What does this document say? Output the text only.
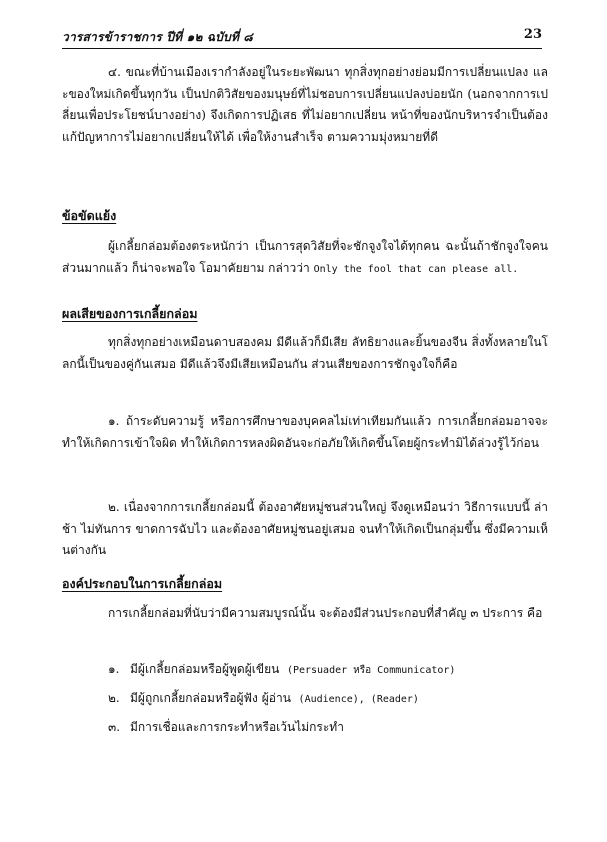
วารสารข้าราชการ ปีที่ ๑๒ ฉบับที่ ๘	23
๔. ขณะที่บ้านเมืองเรากำลังอยู่ในระยะพัฒนา ทุกสิ่งทุกอย่างย่อมมีการเปลี่ยนแปลง และของใหม่เกิดขึ้นทุกวัน เป็นปกติวิสัยของมนุษย์ที่ไม่ชอบการเปลี่ยนแปลงบ่อยนัก (นอกจากการเปลี่ยนเพื่อประโยชน์บางอย่าง) จึงเกิดการปฏิเสธ ที่ไม่อยากเปลี่ยน หน้าที่ของนักบริหารจำเป็นต้องแก้ปัญหาการไม่อยากเปลี่ยนให้ได้ เพื่อให้งานสำเร็จ ตามความมุ่งหมายที่ดี
ข้อขัดแย้ง
ผู้เกลี้ยกล่อมต้องตระหนักว่า เป็นการสุดวิสัยที่จะชักจูงใจได้ทุกคน ฉะนั้นถ้าชักจูงใจคนส่วนมากแล้ว ก็น่าจะพอใจ โอมาคัยยาม กล่าวว่า Only the fool that can please all.
ผลเสียของการเกลี้ยกล่อม
ทุกสิ่งทุกอย่างเหมือนดาบสองคม มีดีแล้วก็มีเสีย ลัทธิยางและยิ้นของจีน สิ่งทั้งหลายในโลกนี้เป็นของคู่กันเสมอ มีดีแล้วจึงมีเสียเหมือนกัน ส่วนเสียของการชักจูงใจก็คือ
๑. ถ้าระดับความรู้ หรือการศึกษาของบุคคลไม่เท่าเทียมกันแล้ว การเกลี้ยกล่อมอาจจะทำให้เกิดการเข้าใจผิด ทำให้เกิดการหลงผิดอันจะก่อภัยให้เกิดขึ้นโดยผู้กระทำมิได้ล่วงรู้ไว้ก่อน
๒. เนื่องจากการเกลี้ยกล่อมนี้ ต้องอาศัยหมู่ชนส่วนใหญ่ จึงดูเหมือนว่า วิธีการแบบนี้ ล่าช้า ไม่ทันการ ขาดการฉับไว และต้องอาศัยหมู่ชนอยู่เสมอ จนทำให้เกิดเป็นกลุ่มขึ้น ซึ่งมีความเห็นต่างกัน
องค์ประกอบในการเกลี้ยกล่อม
การเกลี้ยกล่อมที่นับว่ามีความสมบูรณ์นั้น จะต้องมีส่วนประกอบที่สำคัญ ๓ ประการ คือ
๑. มีผู้เกลี้ยกล่อมหรือผู้พูดผู้เขียน (Persuader หรือ Communicator)
๒. มีผู้ถูกเกลี้ยกล่อมหรือผู้ฟัง ผู้อ่าน (Audience), (Reader)
๓. มีการเชื่อและการกระทำหรือเว้นไม่กระทำ
